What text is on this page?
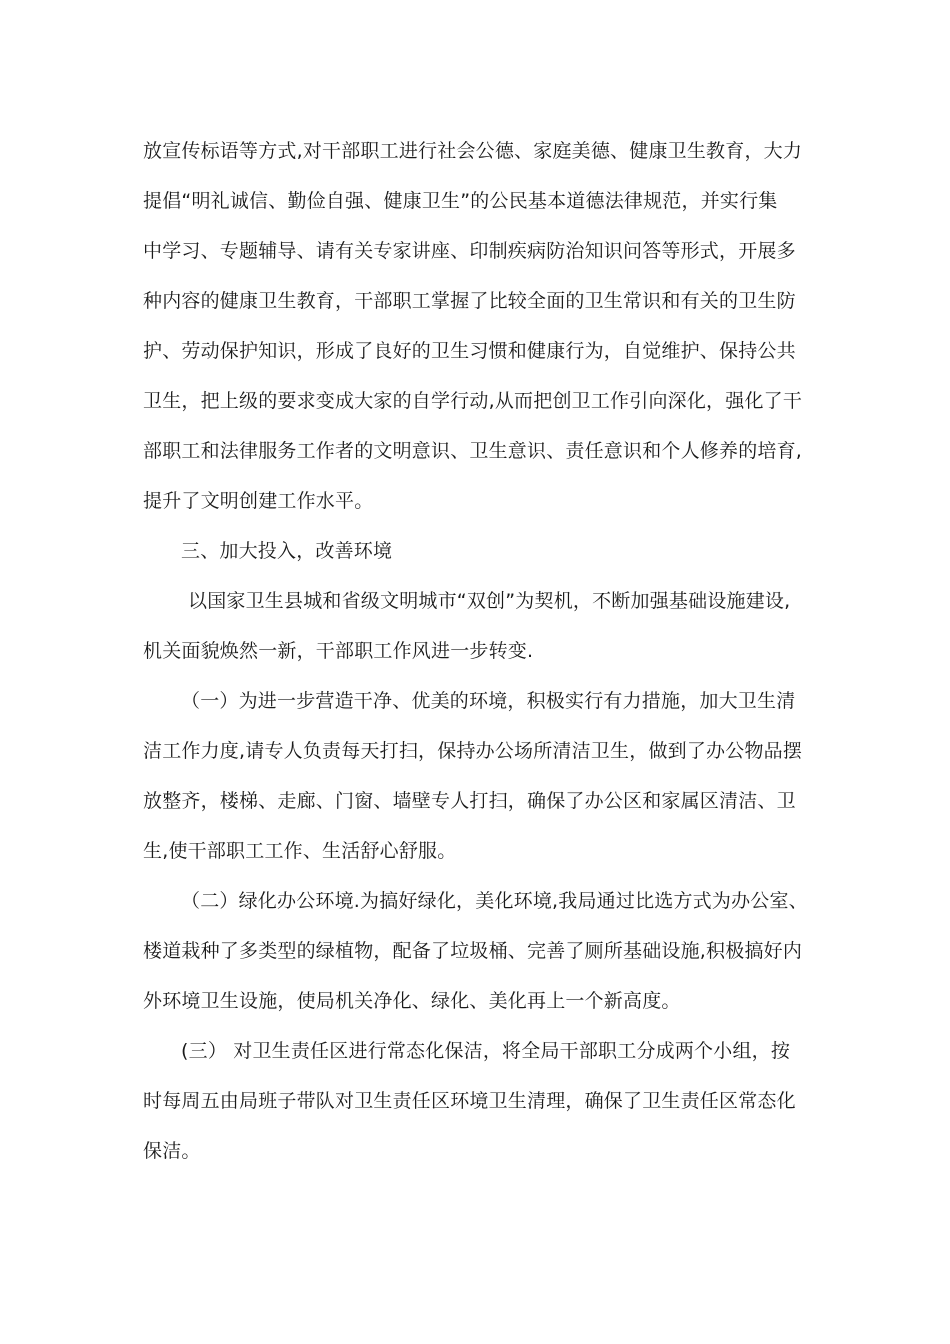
放宣传标语等方式,对干部职工进行社会公德、家庭美德、健康卫生教育，大力
提倡“明礼诚信、勤俭自强、健康卫生”的公民基本道德法律规范，并实行集
中学习、专题辅导、请有关专家讲座、印制疾病防治知识问答等形式，开展多
种内容的健康卫生教育，干部职工掌握了比较全面的卫生常识和有关的卫生防
护、劳动保护知识，形成了良好的卫生习惯和健康行为，自觉维护、保持公共
卫生，把上级的要求变成大家的自学行动,从而把创卫工作引向深化，强化了干
部职工和法律服务工作者的文明意识、卫生意识、责任意识和个人修养的培育,
提升了文明创建工作水平。
三、加大投入，改善环境
以国家卫生县城和省级文明城市“双创”为契机，不断加强基础设施建设,
机关面貌焕然一新，干部职工作风进一步转变.
（一）为进一步营造干净、优美的环境，积极实行有力措施，加大卫生清
洁工作力度,请专人负责每天打扫，保持办公场所清洁卫生，做到了办公物品摆
放整齐，楼梯、走廊、门窗、墙壁专人打扫，确保了办公区和家属区清洁、卫
生,使干部职工工作、生活舒心舒服。
（二）绿化办公环境.为搞好绿化，美化环境,我局通过比选方式为办公室、
楼道栽种了多类型的绿植物，配备了垃圾桶、完善了厕所基础设施,积极搞好内
外环境卫生设施，使局机关净化、绿化、美化再上一个新高度。
(三） 对卫生责任区进行常态化保洁，将全局干部职工分成两个小组，按
时每周五由局班子带队对卫生责任区环境卫生清理，确保了卫生责任区常态化
保洁。
